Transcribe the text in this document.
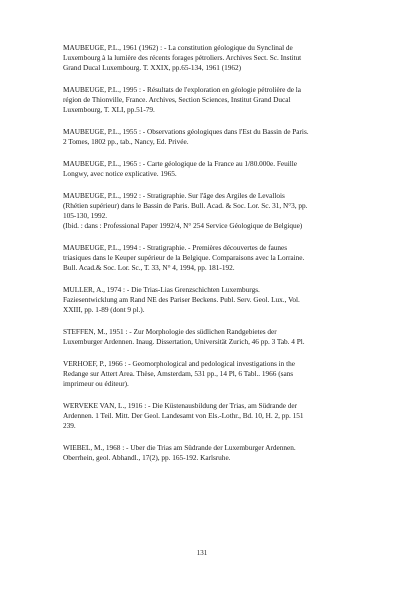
MAUBEUGE, P.L., 1961 (1962) : - La constitution géologique du Synclinal de
Luxembourg à la lumière des récents forages pétroliers. Archives Sect. Sc. Institut
Grand Ducal Luxembourg. T. XXIX, pp.65-134, 1961 (1962)
MAUBEUGE, P.L., 1995 : - Résultats de l'exploration en géologie pétrolière de la
région de Thionville, France. Archives, Section Sciences, Institut Grand Ducal
Luxembourg, T. XLI, pp.51-79.
MAUBEUGE, P.L., 1955 : - Observations géologiques dans l'Est du Bassin de Paris.
2 Tomes, 1802 pp., tab., Nancy, Ed. Privée.
MAUBEUGE, P.L., 1965 : - Carte géologique de la France au 1/80.000e. Feuille
Longwy, avec notice explicative. 1965.
MAUBEUGE, P.L., 1992 : - Stratigraphie. Sur l'âge des Argiles de Levallois
(Rhétien supérieur) dans le Bassin de Paris. Bull. Acad. & Soc. Lor. Sc. 31, N°3, pp.
105-130, 1992.
(Ibid. : dans : Professional Paper 1992/4, N° 254 Service Géologique de Belgique)
MAUBEUGE, P.L., 1994 : - Stratigraphie. - Premières découvertes de faunes
triasiques dans le Keuper supérieur de la Belgique. Comparaisons avec la Lorraine.
Bull. Acad.& Soc. Lor. Sc., T. 33, N° 4, 1994, pp. 181-192.
MULLER, A., 1974 : - Die Trias-Lias Grenzschichten Luxemburgs.
Faziesentwicklung am Rand NE des Pariser Beckens. Publ. Serv. Geol. Lux., Vol.
XXIII, pp. 1-89 (dont 9 pl.).
STEFFEN, M., 1951 : - Zur Morphologie des südlichen Randgebietes der
Luxemburger Ardennen. Inaug. Dissertation, Universität Zurich, 46 pp. 3 Tab. 4 Pl.
VERHOEF, P., 1966 : - Geomorphological and pedological investigations in the
Redange sur Attert Area. Thèse, Amsterdam, 531 pp., 14 Pl, 6 Tabl.. 1966 (sans
imprimeur ou éditeur).
WERVEKE VAN, L., 1916 : - Die Küstenausbildung der Trias, am Südrande der
Ardennen. 1 Teil. Mitt. Der Geol. Landesamt von Els.-Lothr., Bd. 10, H. 2, pp. 151
239.
WIEBEL, M., 1968 : - Uber die Trias am Südrande der Luxemburger Ardennen.
Oberrhein, geol. Abhandl., 17(2), pp. 165-192. Karlsruhe.
131
